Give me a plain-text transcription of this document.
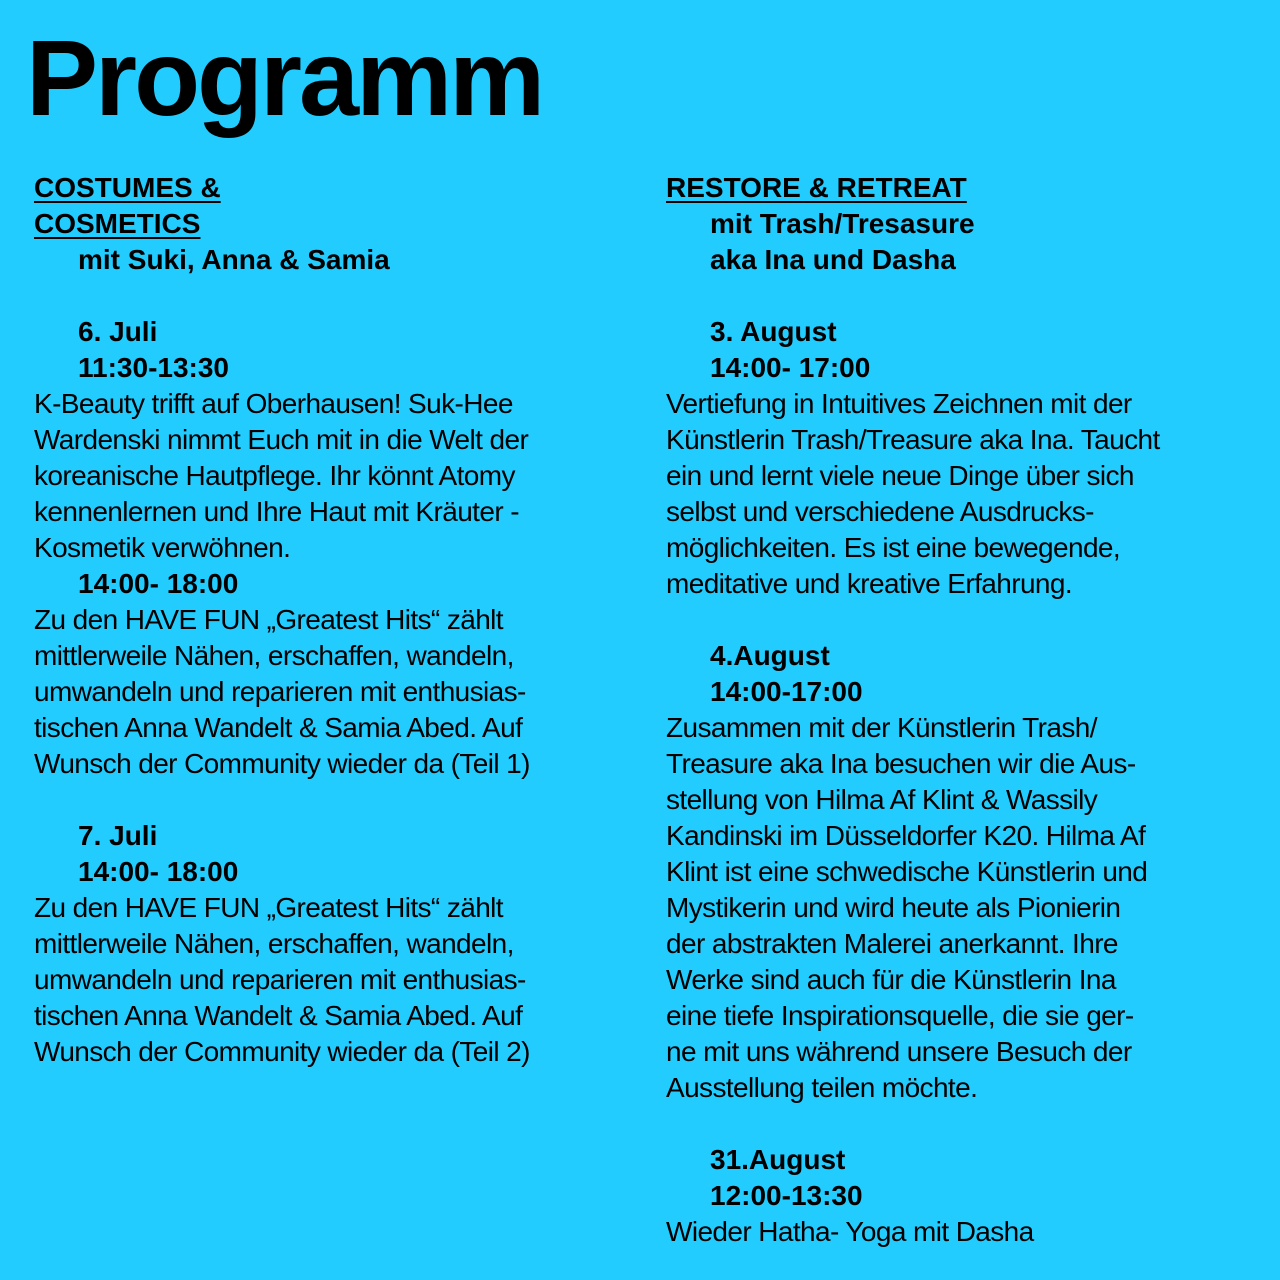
Programm

COSTUMES &
COSMETICS

mit Suki, Anna & Samia

6. Juli

11:30-13:30

K-Beauty trifft auf Oberhausen! Suk-Hee
Wardenski nimmt Euch mit in die Welt der
koreanische Hautpflege. Ihr könnt Atomy
kennenlernen und Ihre Haut mit Kräuter -
Kosmetik verwöhnen.

14:00- 18:00

Zu den HAVE FUN „Greatest Hits“ zählt
mittlerweile Nähen, erschaffen, wandeln,
umwandeln und reparieren mit enthusias-
tischen Anna Wandelt & Samia Abed. Auf
Wunsch der Community wieder da (Teil 1)

7. Juli

14:00- 18:00

Zu den HAVE FUN „Greatest Hits“ zählt
mittlerweile Nähen, erschaffen, wandeln,
umwandeln und reparieren mit enthusias-
tischen Anna Wandelt & Samia Abed. Auf
Wunsch der Community wieder da (Teil 2)

RESTORE & RETREAT

mit Trash/Tresasure
aka Ina und Dasha

3. August

14:00- 17:00

Vertiefung in Intuitives Zeichnen mit der
Künstlerin Trash/Treasure aka Ina. Taucht
ein und lernt viele neue Dinge über sich
selbst und verschiedene Ausdrucks-
möglichkeiten. Es ist eine bewegende,
meditative und kreative Erfahrung.

4.August

14:00-17:00

Zusammen mit der Künstlerin Trash/
Treasure aka Ina besuchen wir die Aus-
stellung von Hilma Af Klint & Wassily
Kandinski im Düsseldorfer K20. Hilma Af
Klint ist eine schwedische Künstlerin und
Mystikerin und wird heute als Pionierin
der abstrakten Malerei anerkannt. Ihre
Werke sind auch für die Künstlerin Ina
eine tiefe Inspirationsquelle, die sie ger-
ne mit uns während unsere Besuch der
Ausstellung teilen möchte.

31.August

12:00-13:30

Wieder Hatha- Yoga mit Dasha
